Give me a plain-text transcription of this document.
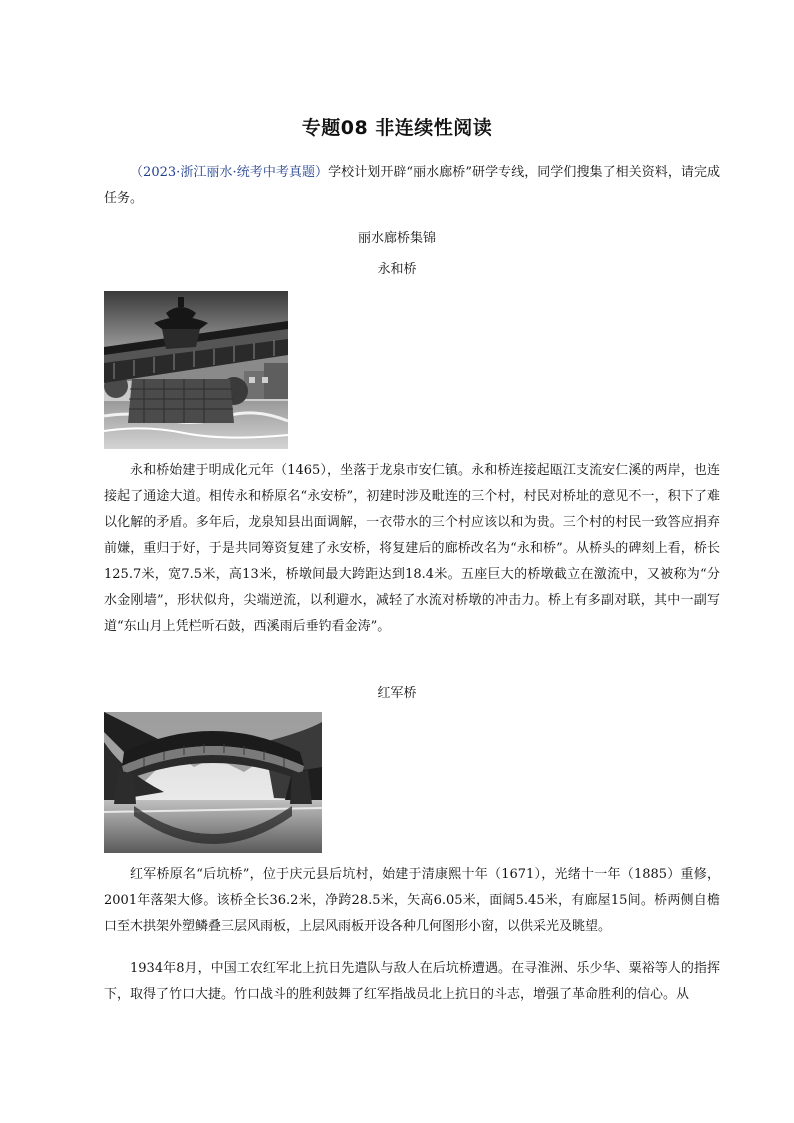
专题08 非连续性阅读

（2023·浙江丽水·统考中考真题）学校计划开辟“丽水廊桥”研学专线，同学们搜集了相关资料，请完成任务。

丽水廊桥集锦
永和桥

永和桥始建于明成化元年（1465），坐落于龙泉市安仁镇。永和桥连接起瓯江支流安仁溪的两岸，也连接起了通途大道。相传永和桥原名“永安桥”，初建时涉及毗连的三个村，村民对桥址的意见不一，积下了难以化解的矛盾。多年后，龙泉知县出面调解，一衣带水的三个村应该以和为贵。三个村的村民一致答应捐弃前嫌，重归于好，于是共同筹资复建了永安桥，将复建后的廊桥改名为“永和桥”。从桥头的碑刻上看，桥长125.7米，宽7.5米，高13米，桥墩间最大跨距达到18.4米。五座巨大的桥墩截立在激流中，又被称为“分水金刚墙”，形状似舟，尖端逆流，以利避水，减轻了水流对桥墩的冲击力。桥上有多副对联，其中一副写道“东山月上凭栏听石鼓，西溪雨后垂钓看金涛”。

红军桥

红军桥原名“后坑桥”，位于庆元县后坑村，始建于清康熙十年（1671），光绪十一年（1885）重修，2001年落架大修。该桥全长36.2米，净跨28.5米，矢高6.05米，面阔5.45米，有廊屋15间。桥两侧自檐口至木拱架外塑鳞叠三层风雨板，上层风雨板开设各种几何图形小窗，以供采光及眺望。

1934年8月，中国工农红军北上抗日先遣队与敌人在后坑桥遭遇。在寻淮洲、乐少华、粟裕等人的指挥下，取得了竹口大捷。竹口战斗的胜利鼓舞了红军指战员北上抗日的斗志，增强了革命胜利的信心。从
